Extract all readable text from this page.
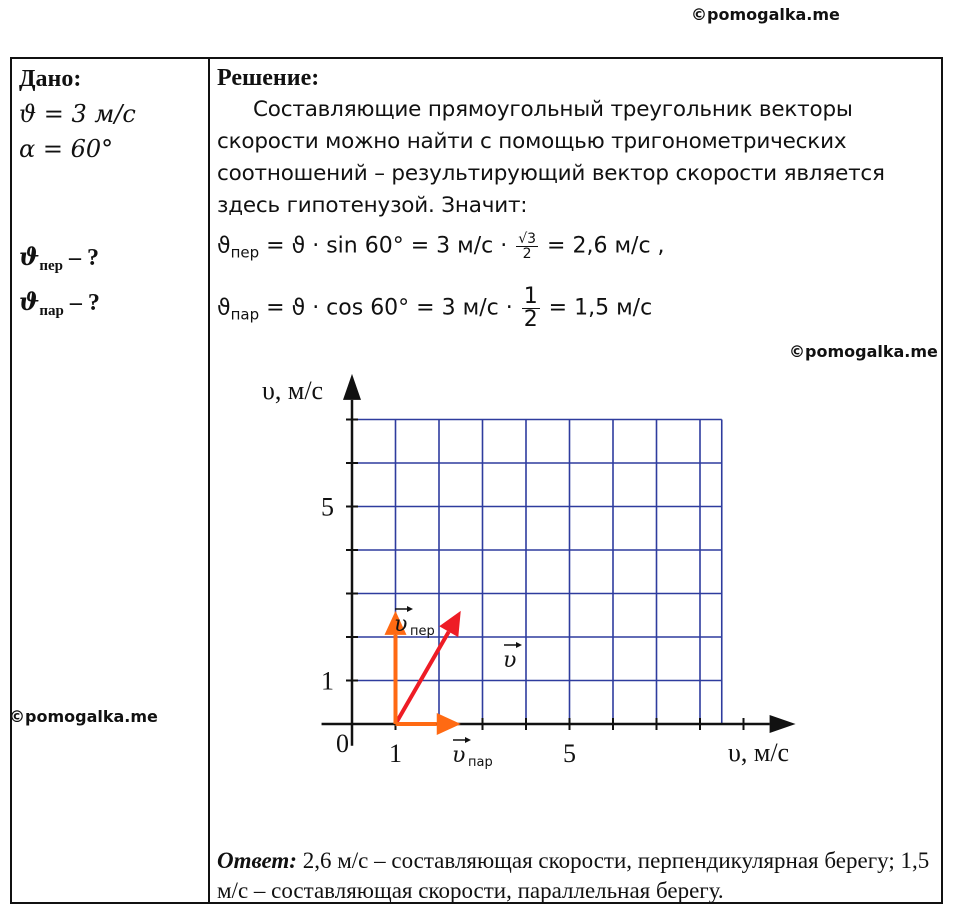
©pomogalka.me
Дано:
ϑ = 3 м/с
α = 60°
$ϑ_{пер}$ – ?
$ϑ_{пар}$ – ?
Решение:
Составляющие прямоугольный треугольник векторы скорости можно найти с помощью тригонометрических соотношений – результирующий вектор скорости является здесь гипотенузой. Значит:
$ϑ_{пер} = ϑ \cdot \sin 60^\circ = 3$ $м/с \cdot \frac{√3}{2} = 2,6$ м/с ,
$ϑ_{пар} = ϑ \cdot \cos 60^\circ = 3$ $м/с \cdot \frac{1}{2} = 1,5$ м/с
©pomogalka.me
©pomogalka.me
υ
υ пер
υ пар
υ, м/с
υ, м/с
0 1	5
1
5
Ответ: 2,6 м/с – составляющая скорости, перпендикулярная берегу; 1,5 м/с – составляющая скорости, параллельная берегу.
